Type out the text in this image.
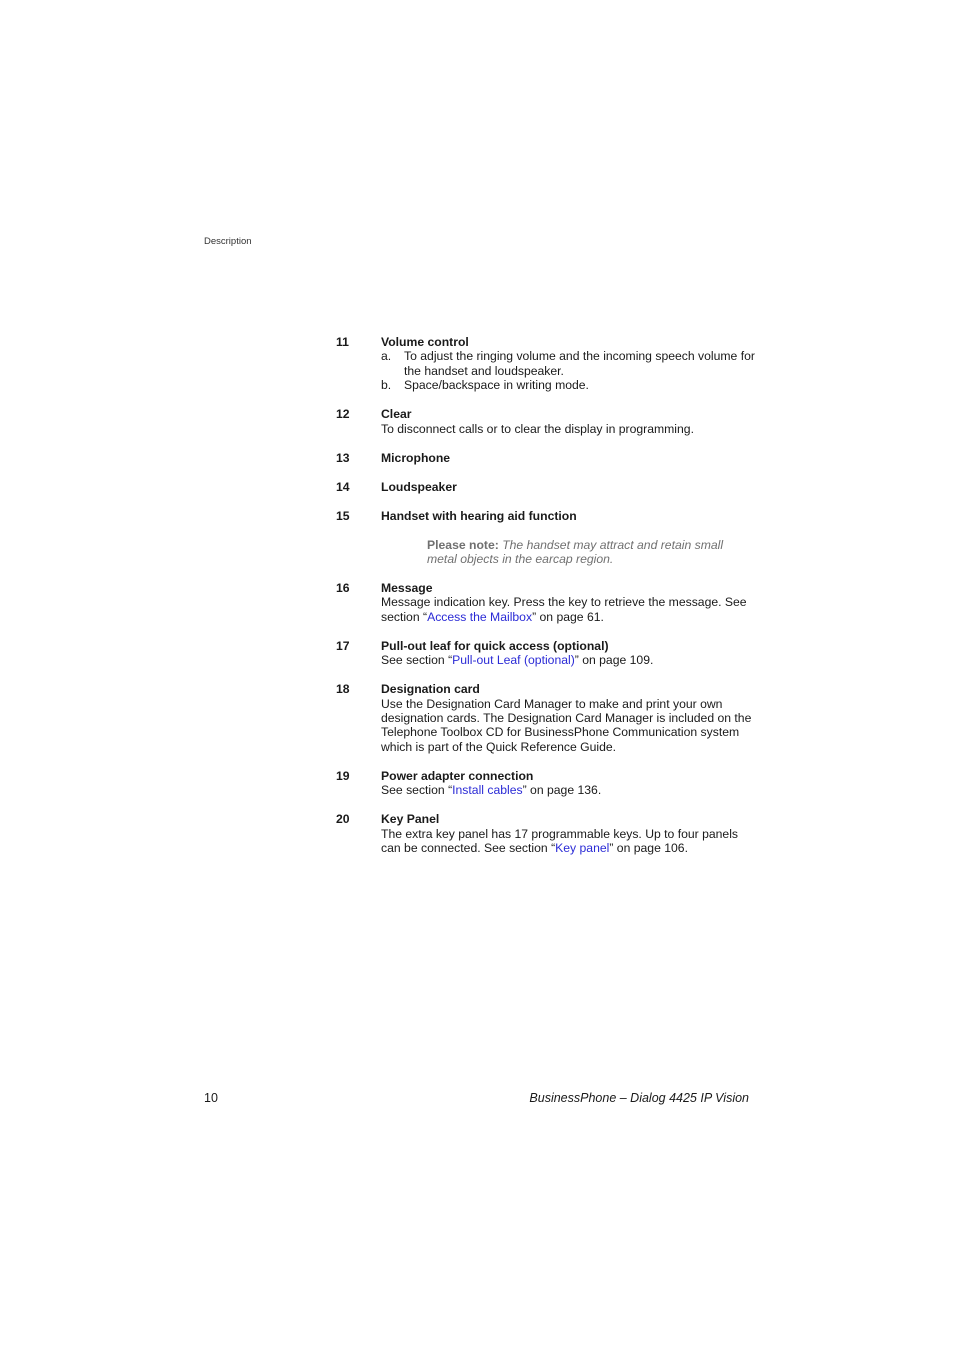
Description
11	Volume control
a. To adjust the ringing volume and the incoming speech volume for the handset and loudspeaker.
b. Space/backspace in writing mode.
12	Clear
To disconnect calls or to clear the display in programming.
13	Microphone
14	Loudspeaker
15	Handset with hearing aid function
Please note: The handset may attract and retain small metal objects in the earcap region.
16	Message
Message indication key. Press the key to retrieve the message. See section “Access the Mailbox” on page 61.
17	Pull-out leaf for quick access (optional)
See section “Pull-out Leaf (optional)” on page 109.
18	Designation card
Use the Designation Card Manager to make and print your own designation cards. The Designation Card Manager is included on the Telephone Toolbox CD for BusinessPhone Communication system which is part of the Quick Reference Guide.
19	Power adapter connection
See section “Install cables” on page 136.
20	Key Panel
The extra key panel has 17 programmable keys. Up to four panels can be connected. See section “Key panel” on page 106.
10	BusinessPhone – Dialog 4425 IP Vision
